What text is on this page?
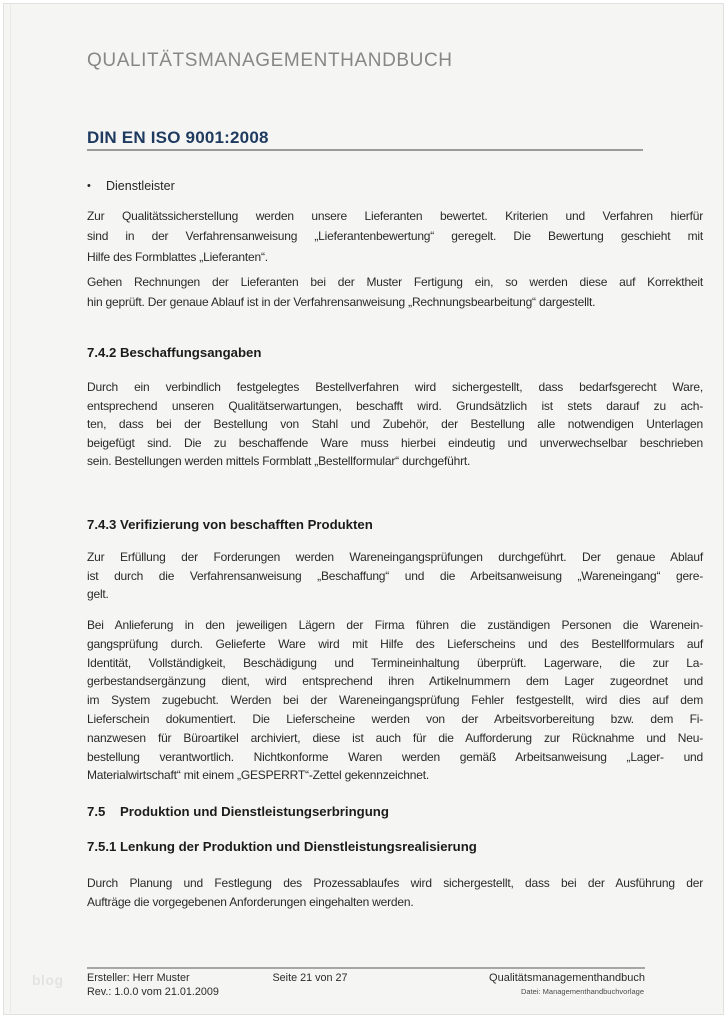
QUALITÄTSMANAGEMENTHANDBUCH
DIN EN ISO 9001:2008
•	Dienstleister
Zur Qualitätssicherstellung werden unsere Lieferanten bewertet. Kriterien und Verfahren hierfür
sind in der Verfahrensanweisung „Lieferantenbewertung“ geregelt. Die Bewertung geschieht mit
Hilfe des Formblattes „Lieferanten“.
Gehen Rechnungen der Lieferanten bei der Muster Fertigung ein, so werden diese auf Korrektheit
hin geprüft. Der genaue Ablauf ist in der Verfahrensanweisung „Rechnungsbearbeitung“ dargestellt.
7.4.2 Beschaffungsangaben
Durch ein verbindlich festgelegtes Bestellverfahren wird sichergestellt, dass bedarfsgerecht Ware,
entsprechend unseren Qualitätserwartungen, beschafft wird. Grundsätzlich ist stets darauf zu ach-
ten, dass bei der Bestellung von Stahl und Zubehör, der Bestellung alle notwendigen Unterlagen
beigefügt sind. Die zu beschaffende Ware muss hierbei eindeutig und unverwechselbar beschrieben
sein. Bestellungen werden mittels Formblatt „Bestellformular“ durchgeführt.
7.4.3 Verifizierung von beschafften Produkten
Zur Erfüllung der Forderungen werden Wareneingangsprüfungen durchgeführt. Der genaue Ablauf
ist durch die Verfahrensanweisung „Beschaffung“ und die Arbeitsanweisung „Wareneingang“ gere-
gelt.
Bei Anlieferung in den jeweiligen Lägern der Firma führen die zuständigen Personen die Warenein-
gangsprüfung durch. Gelieferte Ware wird mit Hilfe des Lieferscheins und des Bestellformulars auf
Identität, Vollständigkeit, Beschädigung und Termineinhaltung überprüft. Lagerware, die zur La-
gerbestandsergänzung dient, wird entsprechend ihren Artikelnummern dem Lager zugeordnet und
im System zugebucht. Werden bei der Wareneingangsprüfung Fehler festgestellt, wird dies auf dem
Lieferschein dokumentiert. Die Lieferscheine werden von der Arbeitsvorbereitung bzw. dem Fi-
nanzwesen für Büroartikel archiviert, diese ist auch für die Aufforderung zur Rücknahme und Neu-
bestellung verantwortlich. Nichtkonforme Waren werden gemäß Arbeitsanweisung „Lager- und
Materialwirtschaft“ mit einem „GESPERRT“-Zettel gekennzeichnet.
7.5	Produktion und Dienstleistungserbringung
7.5.1 Lenkung der Produktion und Dienstleistungsrealisierung
Durch Planung und Festlegung des Prozessablaufes wird sichergestellt, dass bei der Ausführung der
Aufträge die vorgegebenen Anforderungen eingehalten werden.
blog Ersteller: Herr Muster
Rev.: 1.0.0 vom 21.01.2009
Seite 21 von 27	Qualitätsmanagementhandbuch
Datei: Managementhandbuchvorlage
